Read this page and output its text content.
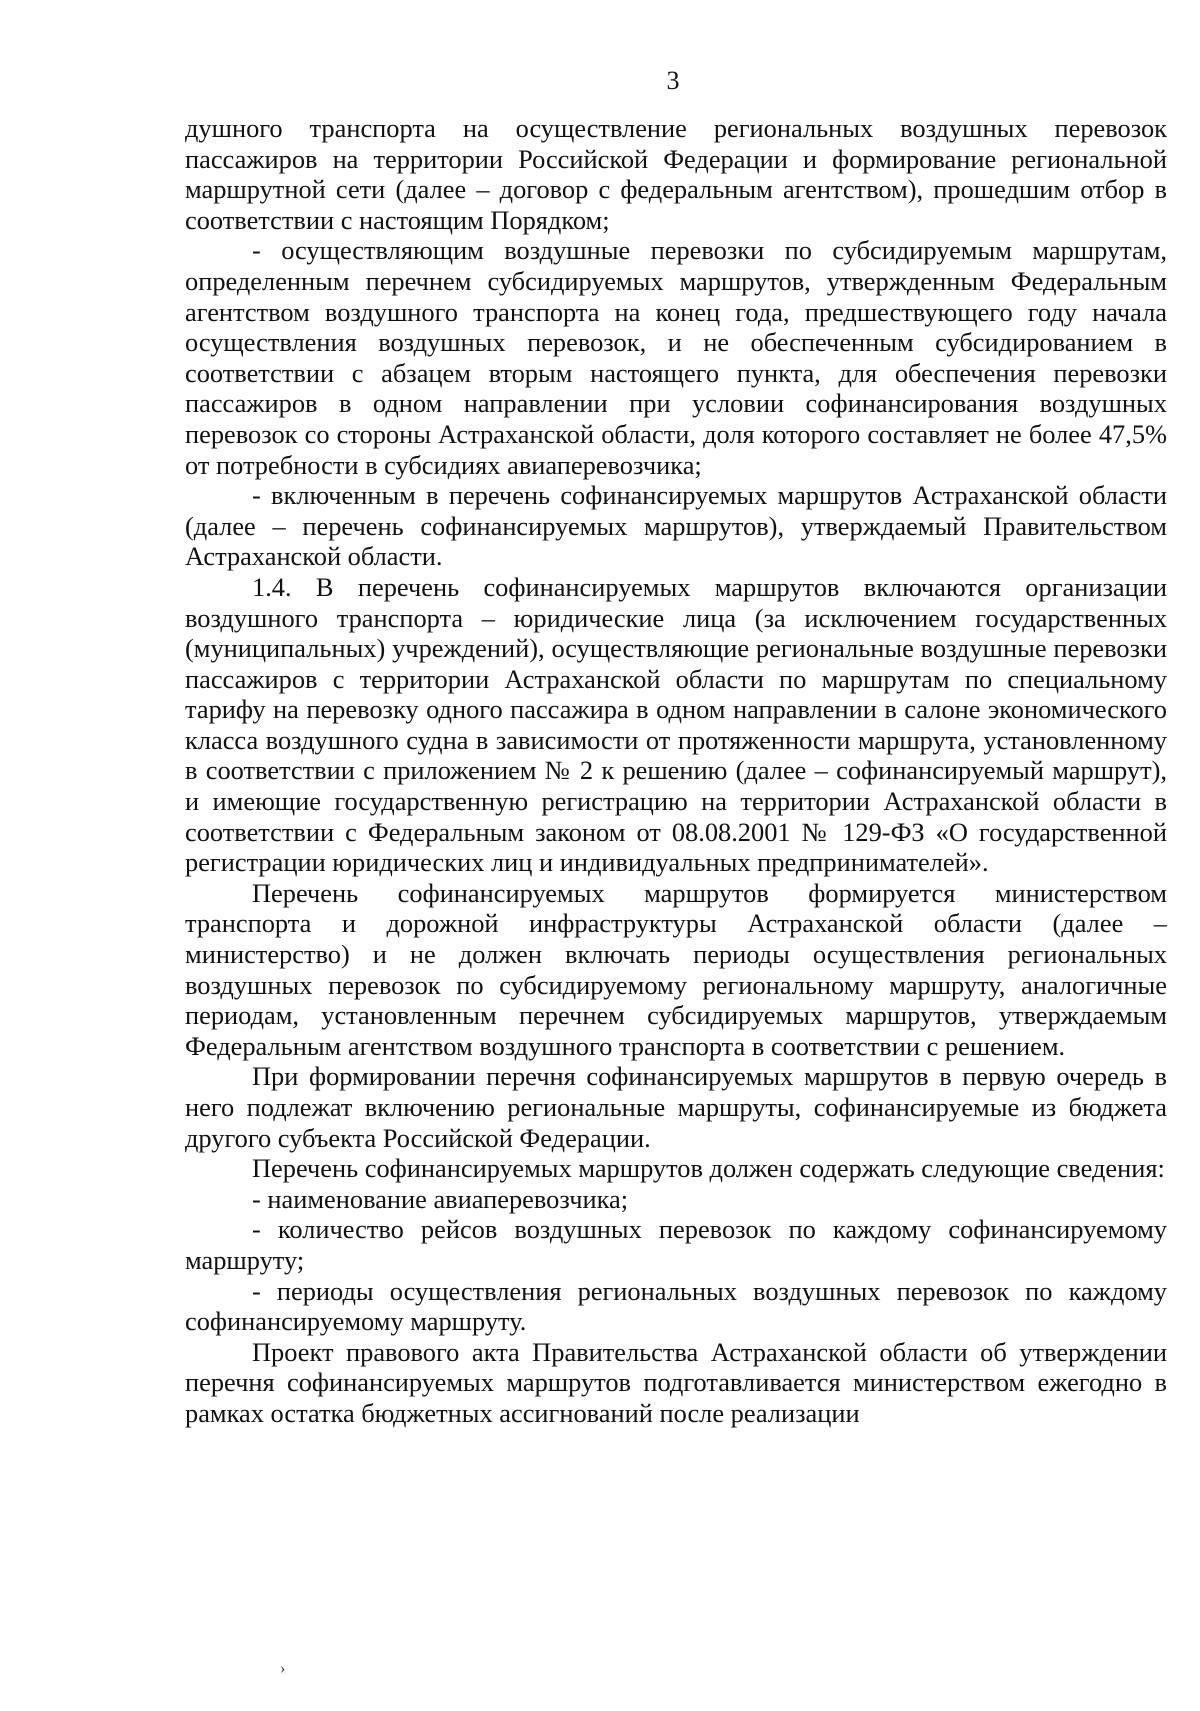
3

душного транспорта на осуществление региональных воздушных перевозок пассажиров на территории Российской Федерации и формирование региональной маршрутной сети (далее – договор с федеральным агентством), прошедшим отбор в соответствии с настоящим Порядком;

- осуществляющим воздушные перевозки по субсидируемым маршрутам, определенным перечнем субсидируемых маршрутов, утвержденным Федеральным агентством воздушного транспорта на конец года, предшествующего году начала осуществления воздушных перевозок, и не обеспеченным субсидированием в соответствии с абзацем вторым настоящего пункта, для обеспечения перевозки пассажиров в одном направлении при условии софинансирования воздушных перевозок со стороны Астраханской области, доля которого составляет не более 47,5% от потребности в субсидиях авиаперевозчика;

- включенным в перечень софинансируемых маршрутов Астраханской области (далее – перечень софинансируемых маршрутов), утверждаемый Правительством Астраханской области.

1.4. В перечень софинансируемых маршрутов включаются организации воздушного транспорта – юридические лица (за исключением государственных (муниципальных) учреждений), осуществляющие региональные воздушные перевозки пассажиров с территории Астраханской области по маршрутам по специальному тарифу на перевозку одного пассажира в одном направлении в салоне экономического класса воздушного судна в зависимости от протяженности маршрута, установленному в соответствии с приложением № 2 к решению (далее – софинансируемый маршрут), и имеющие государственную регистрацию на территории Астраханской области в соответствии с Федеральным законом от 08.08.2001 № 129-ФЗ «О государственной регистрации юридических лиц и индивидуальных предпринимателей».

Перечень софинансируемых маршрутов формируется министерством транспорта и дорожной инфраструктуры Астраханской области (далее – министерство) и не должен включать периоды осуществления региональных воздушных перевозок по субсидируемому региональному маршруту, аналогичные периодам, установленным перечнем субсидируемых маршрутов, утверждаемым Федеральным агентством воздушного транспорта в соответствии с решением.

При формировании перечня софинансируемых маршрутов в первую очередь в него подлежат включению региональные маршруты, софинансируемые из бюджета другого субъекта Российской Федерации.

Перечень софинансируемых маршрутов должен содержать следующие сведения:

- наименование авиаперевозчика;

- количество рейсов воздушных перевозок по каждому софинансируемому маршруту;

- периоды осуществления региональных воздушных перевозок по каждому софинансируемому маршруту.

Проект правового акта Правительства Астраханской области об утверждении перечня софинансируемых маршрутов подготавливается министерством ежегодно в рамках остатка бюджетных ассигнований после реализации

›
